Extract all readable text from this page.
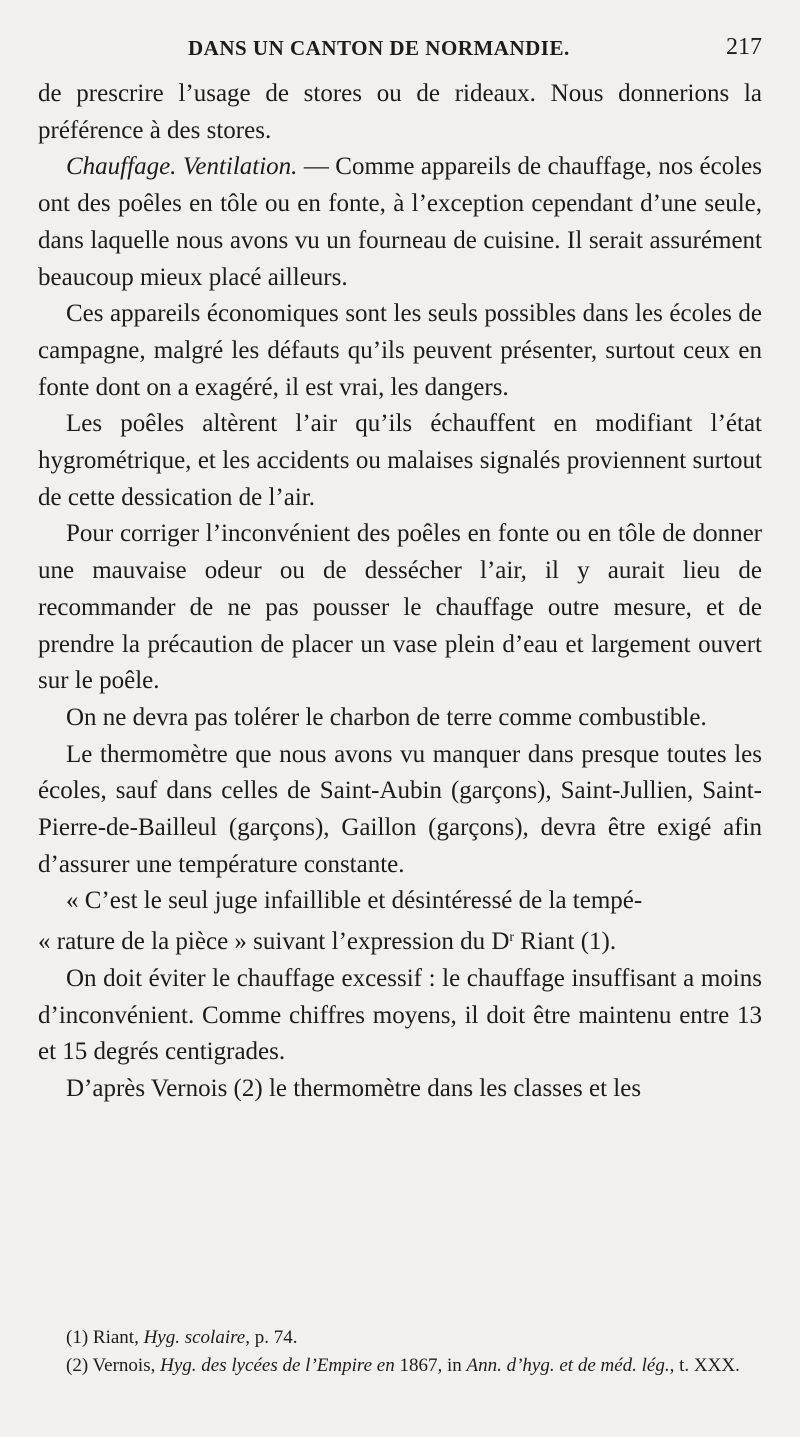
DANS UN CANTON DE NORMANDIE.	217

de prescrire l’usage de stores ou de rideaux. Nous donnerions la préférence à des stores.

Chauffage. Ventilation. — Comme appareils de chauffage, nos écoles ont des poêles en tôle ou en fonte, à l’exception cependant d’une seule, dans laquelle nous avons vu un fourneau de cuisine. Il serait assurément beaucoup mieux placé ailleurs.

Ces appareils économiques sont les seuls possibles dans les écoles de campagne, malgré les défauts qu’ils peuvent présenter, surtout ceux en fonte dont on a exagéré, il est vrai, les dangers.

Les poêles altèrent l’air qu’ils échauffent en modifiant l’état hygrométrique, et les accidents ou malaises signalés proviennent surtout de cette dessication de l’air.

Pour corriger l’inconvénient des poêles en fonte ou en tôle de donner une mauvaise odeur ou de dessécher l’air, il y aurait lieu de recommander de ne pas pousser le chauffage outre mesure, et de prendre la précaution de placer un vase plein d’eau et largement ouvert sur le poêle.

On ne devra pas tolérer le charbon de terre comme combustible.

Le thermomètre que nous avons vu manquer dans presque toutes les écoles, sauf dans celles de Saint-Aubin (garçons), Saint-Jullien, Saint-Pierre-de-Bailleul (garçons), Gaillon (garçons), devra être exigé afin d’assurer une température constante.

« C’est le seul juge infaillible et désintéressé de la tempé-

« rature de la pièce » suivant l’expression du $D^r$ Riant (1).

On doit éviter le chauffage excessif : le chauffage insuffisant a moins d’inconvénient. Comme chiffres moyens, il doit être maintenu entre 13 et 15 degrés centigrades.

D’après Vernois (2) le thermomètre dans les classes et les

(1) Riant, Hyg. scolaire, p. 74.

(2) Vernois, Hyg. des lycées de l’Empire en 1867, in Ann. d’hyg. et de méd. lég., t. XXX.
